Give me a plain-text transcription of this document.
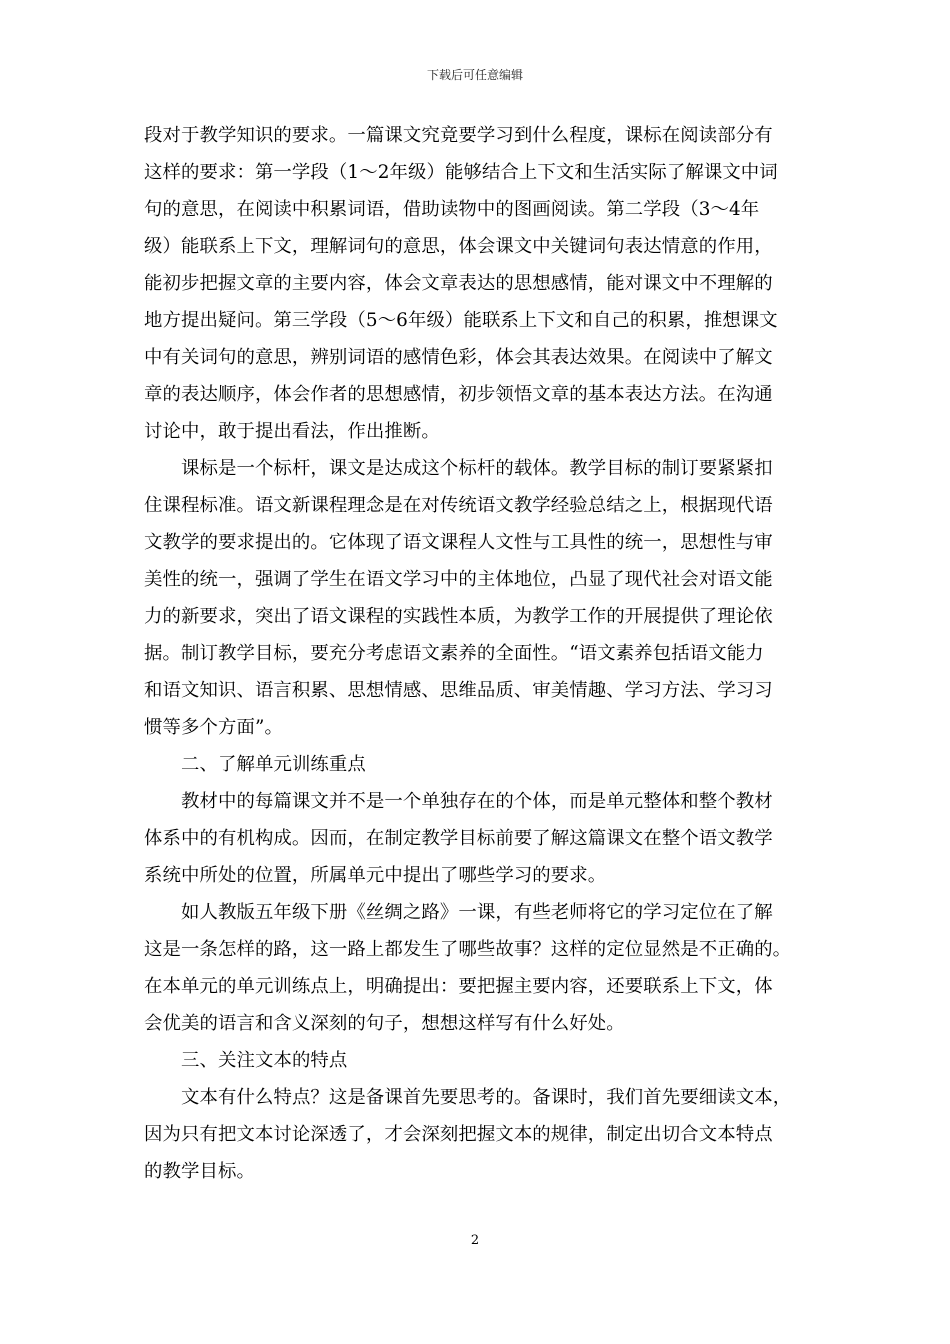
下载后可任意编辑
段对于教学知识的要求。一篇课文究竟要学习到什么程度，课标在阅读部分有
这样的要求：第一学段（1～2年级）能够结合上下文和生活实际了解课文中词
句的意思，在阅读中积累词语，借助读物中的图画阅读。第二学段（3～4年
级）能联系上下文，理解词句的意思，体会课文中关键词句表达情意的作用，
能初步把握文章的主要内容，体会文章表达的思想感情，能对课文中不理解的
地方提出疑问。第三学段（5～6年级）能联系上下文和自己的积累，推想课文
中有关词句的意思，辨别词语的感情色彩，体会其表达效果。在阅读中了解文
章的表达顺序，体会作者的思想感情，初步领悟文章的基本表达方法。在沟通
讨论中，敢于提出看法，作出推断。
课标是一个标杆，课文是达成这个标杆的载体。教学目标的制订要紧紧扣
住课程标准。语文新课程理念是在对传统语文教学经验总结之上，根据现代语
文教学的要求提出的。它体现了语文课程人文性与工具性的统一，思想性与审
美性的统一，强调了学生在语文学习中的主体地位，凸显了现代社会对语文能
力的新要求，突出了语文课程的实践性本质，为教学工作的开展提供了理论依
据。制订教学目标，要充分考虑语文素养的全面性。“语文素养包括语文能力
和语文知识、语言积累、思想情感、思维品质、审美情趣、学习方法、学习习
惯等多个方面”。
二、了解单元训练重点
教材中的每篇课文并不是一个单独存在的个体，而是单元整体和整个教材
体系中的有机构成。因而，在制定教学目标前要了解这篇课文在整个语文教学
系统中所处的位置，所属单元中提出了哪些学习的要求。
如人教版五年级下册《丝绸之路》一课，有些老师将它的学习定位在了解
这是一条怎样的路，这一路上都发生了哪些故事？这样的定位显然是不正确的。
在本单元的单元训练点上，明确提出：要把握主要内容，还要联系上下文，体
会优美的语言和含义深刻的句子，想想这样写有什么好处。
三、关注文本的特点
文本有什么特点？这是备课首先要思考的。备课时，我们首先要细读文本，
因为只有把文本讨论深透了，才会深刻把握文本的规律，制定出切合文本特点
的教学目标。
2
